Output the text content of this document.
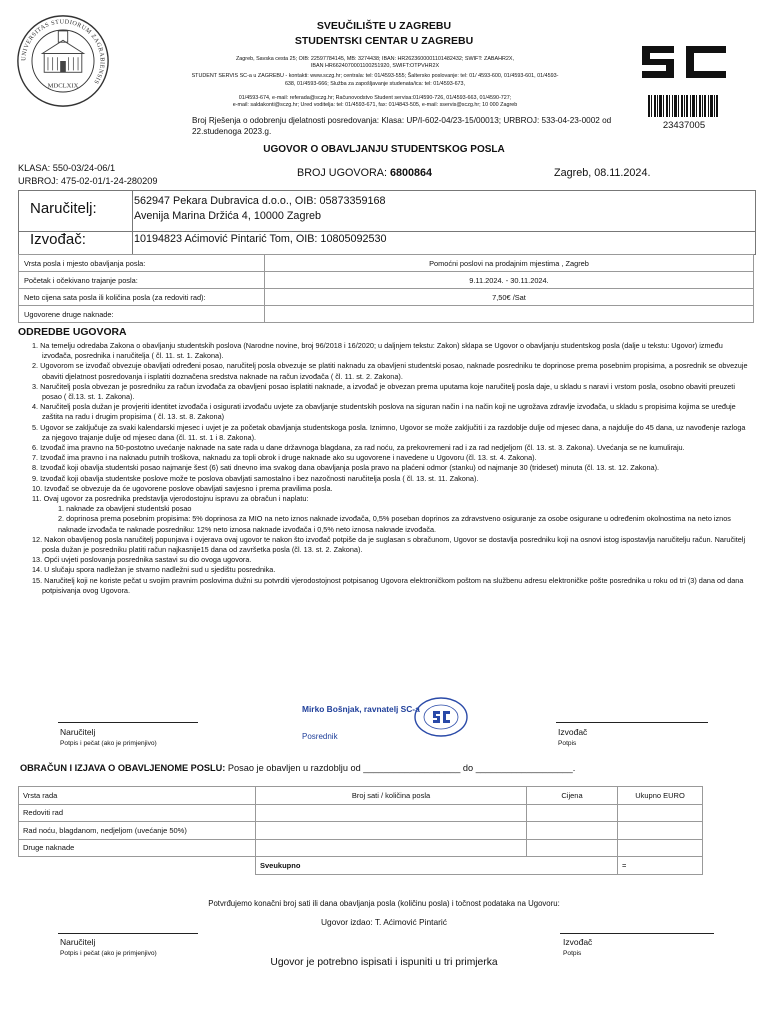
UNIVERSITAS STUDIORUM ZAGRABIENSIS
MDCLXIX
SVEUČILIŠTE U ZAGREBU
STUDENTSKI CENTAR U ZAGREBU
Zagreb, Savska cesta 25; OIB: 22597784145, MB: 3274438; IBAN: HR2623600001101482432; SWIFT: ZABAHR2X,
IBAN HR6624070001100251920, SWIFT:OTPVHR2X
STUDENT SERVIS SC-a u ZAGREBU - kontakti: www.sczg.hr; centrala: tel: 01/4593-555; Šaltersko poslovanje: tel: 01/ 4593-600, 01/4593-601, 01/4593-
638, 01/4593-666; Služba za zapošljavanje studenata/ica: tel: 01/4593-673,
01/4593-674, e-mail: referada@sczg.hr; Računovodstvo Student servisa:01/4590-726, 01/4593-663, 01/4590-727;
e-mail: saldakonti@sczg.hr; Ured voditelja: tel: 01/4593-671, fax: 01/4843-505, e-mail: sservis@sczg.hr; 10 000 Zagreb
SC
23437005
Broj Rješenja o odobrenju djelatnosti posredovanja: Klasa: UP/I-602-04/23-15/00013; URBROJ: 533-04-23-0002 od 22.studenoga 2023.g.
UGOVOR O OBAVLJANJU STUDENTSKOG POSLA
KLASA: 550-03/24-06/1
URBROJ: 475-02-01/1-24-280209
BROJ UGOVORA: 6800864	Zagreb, 08.11.2024.
Naručitelj:	562947 Pekara Dubravica d.o.o., OIB: 05873359168
Avenija Marina Držića 4, 10000 Zagreb
Izvođač:	10194823 Aćimović Pintarić Tom, OIB: 10805092530
Vrsta posla i mjesto obavljanja posla:	Pomoćni poslovi na prodajnim mjestima , Zagreb
Početak i očekivano trajanje posla:	9.11.2024. - 30.11.2024.
Neto cijena sata posla ili količina posla (za redoviti rad):	7,50€ /Sat
Ugovorene druge naknade:	
ODREDBE UGOVORA
1. Na temelju odredaba Zakona o obavljanju studentskih poslova (Narodne novine, broj 96/2018 i 16/2020; u daljnjem tekstu: Zakon) sklapa se Ugovor o obavljanju studentskog posla (dalje u tekstu: Ugovor) između izvođača, posrednika i naručitelja ( čl. 11. st. 1. Zakona).
2. Ugovorom se izvođač obvezuje obavljati određeni posao, naručitelj posla obvezuje se platiti naknadu za obavljeni studentski posao, naknade posredniku te doprinose prema posebnim propisima, a posrednik se obvezuje obaviti djelatnost posredovanja i isplatiti doznačena sredstva naknade na račun izvođača ( čl. 11. st. 2. Zakona).
3. Naručitelj posla obvezan je posredniku za račun izvođača za obavljeni posao isplatiti naknade, a izvođač je obvezan prema uputama koje naručitelj posla daje, u skladu s naravi i vrstom posla, osobno obaviti preuzeti posao ( čl.13. st. 1. Zakona).
4. Naručitelj posla dužan je provjeriti identitet izvođača i osigurati izvođaču uvjete za obavljanje studentskih poslova na siguran način i na način koji ne ugrožava zdravlje izvođača, u skladu s propisima kojima se uređuje zaštita na radu i drugim propisima ( čl. 13. st. 8. Zakona)
5. Ugovor se zaključuje za svaki kalendarski mjesec i uvjet je za početak obavljanja studentskoga posla. Iznimno, Ugovor se može zaključiti i za razdoblje dulje od mjesec dana, a najdulje do 45 dana, uz navođenje razloga za njegovo trajanje dulje od mjesec dana (čl. 11. st. 1 i 8. Zakona).
6. Izvođač ima pravno na 50-postotno uvećanje naknade na sate rada u dane državnoga blagdana, za rad noću, za prekovremeni rad i za rad nedjeljom (čl. 13. st. 3. Zakona). Uvećanja se ne kumuliraju.
7. Izvođač ima pravno i na naknadu putnih troškova, naknadu za topli obrok i druge naknade ako su ugovorene i navedene u Ugovoru (čl. 13. st. 4. Zakona).
8. Izvođač koji obavlja studentski posao najmanje šest (6) sati dnevno ima svakog dana obavljanja posla pravo na plaćeni odmor (stanku) od najmanje 30 (trideset) minuta (čl. 13. st. 12. Zakona).
9. Izvođač koji obavlja studentske poslove može te poslova obavljati samostalno i bez nazočnosti naručitelja posla ( čl. 13. st. 11. Zakona).
10. Izvođač se obvezuje da će ugovorene poslove obavljati savjesno i prema pravilima posla.
11. Ovaj ugovor za posrednika predstavlja vjerodostojnu ispravu za obračun i naplatu:
1. naknade za obavljeni studentski posao
2. doprinosa prema posebnim propisima: 5% doprinosa za MIO na neto iznos naknade izvođača, 0,5% poseban doprinos za zdravstveno osiguranje za osobe osigurane u određenim okolnostima na neto iznos naknade izvođača te naknade posredniku: 12% neto iznosa naknade izvođača i 0,5% neto iznosa naknade izvođača.
12. Nakon obavljenog posla naručitelj popunjava i ovjerava ovaj ugovor te nakon što izvođač potpiše da je suglasan s obračunom, Ugovor se dostavlja posredniku koji na osnovi istog ispostavlja naručitelju račun. Naručitelj posla dužan je posredniku platiti račun najkasnije15 dana od završetka posla (čl. 13. st. 2. Zakona).
13. Opći uvjeti poslovanja posrednika sastavi su dio ovoga ugovora.
14. U slučaju spora nadležan je stvarno nadležni sud u sjedištu posrednika.
15. Naručitelj koji ne koriste pečat u svojim pravnim poslovima dužni su potvrditi vjerodostojnost potpisanog Ugovora elektroničkom poštom na službenu adresu elektroničke pošte posrednika u roku od tri (3) dana od dana potpisivanja ovog Ugovora.
Naručitelj
Potpis i pečat (ako je primjenjivo)
Mirko Bošnjak, ravnatelj SC-a
Posrednik	Izvođač
Potpis
OBRAČUN I IZJAVA O OBAVLJENOME POSLU: Posao je obavljen u razdoblju od ___________________ do ___________________.
Vrsta rada	Broj sati / količina posla	Cijena	Ukupno EURO
Redoviti rad			
Rad noću, blagdanom, nedjeljom (uvećanje 50%)			
Druge naknade			
	Sveukupno		=
Potvrđujemo konačni broj sati ili dana obavljanja posla (količinu posla) i točnost podataka na Ugovoru:
Ugovor izdao: T. Aćimović Pintarić
Naručitelj
Potpis i pečat (ako je primjenjivo)
Izvođač
Potpis
Ugovor je potrebno ispisati i ispuniti u tri primjerka
